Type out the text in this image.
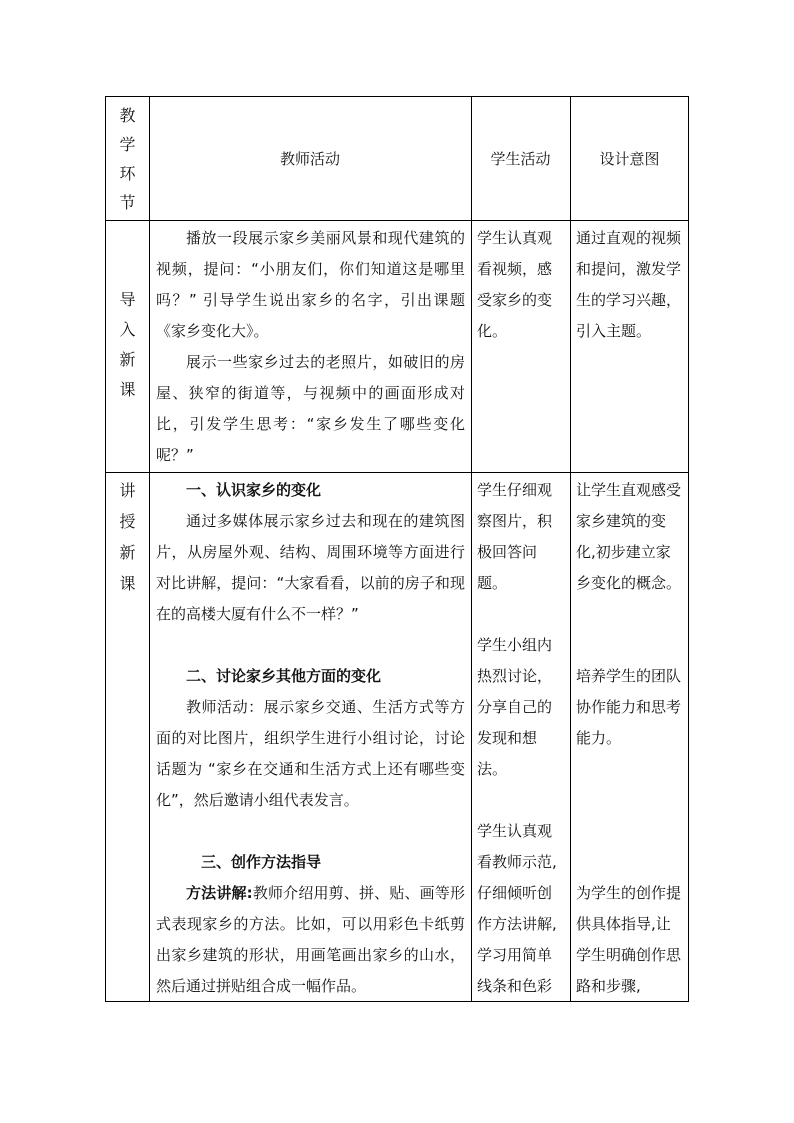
教
学
环
节
教师活动	学生活动	设计意图
导
入
新
课
播放一段展示家乡美丽风景和现代建筑的视频，提问：“小朋友们，你们知道这是哪里吗？” 引导学生说出家乡的名字，引出课题《家乡变化大》。
展示一些家乡过去的老照片，如破旧的房屋、狭窄的街道等，与视频中的画面形成对比，引发学生思考：“家乡发生了哪些变化呢？”
学生认真观看视频，感受家乡的变化。
通过直观的视频和提问，激发学生的学习兴趣，引入主题。
讲
授
新
课
一、认识家乡的变化
通过多媒体展示家乡过去和现在的建筑图片，从房屋外观、结构、周围环境等方面进行对比讲解，提问：“大家看看，以前的房子和现在的高楼大厦有什么不一样？”
二、讨论家乡其他方面的变化
教师活动：展示家乡交通、生活方式等方面的对比图片，组织学生进行小组讨论，讨论话题为 “家乡在交通和生活方式上还有哪些变化”，然后邀请小组代表发言。
三、创作方法指导
方法讲解:教师介绍用剪、拼、贴、画等形式表现家乡的方法。比如，可以用彩色卡纸剪出家乡建筑的形状，用画笔画出家乡的山水，然后通过拼贴组合成一幅作品。
学生仔细观察图片，积极回答问题。
学生小组内热烈讨论，分享自己的发现和想法。
学生认真观看教师示范,仔细倾听创作方法讲解,学习用简单线条和色彩
让学生直观感受家乡建筑的变化,初步建立家乡变化的概念。
培养学生的团队协作能力和思考能力。
为学生的创作提供具体指导,让学生明确创作思路和步骤,
